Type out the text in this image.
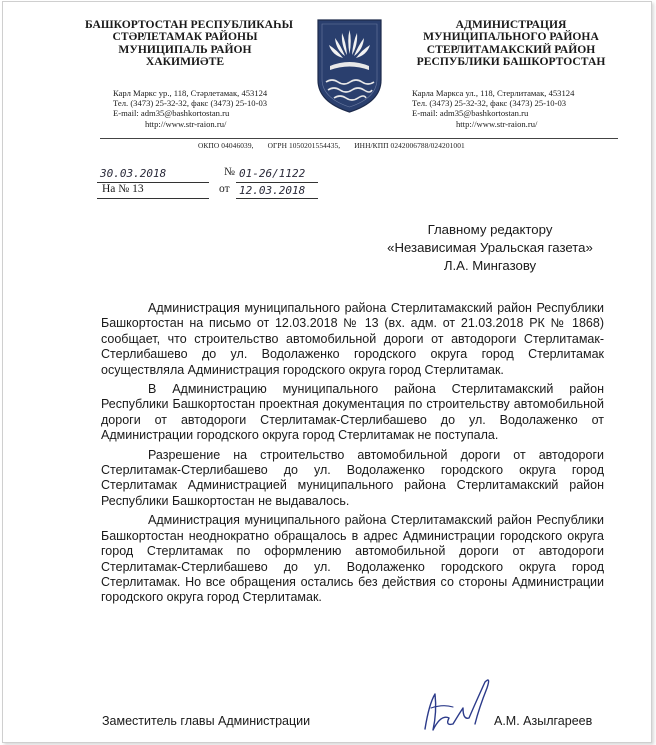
БАШКОРТОСТАН РЕСПУБЛИКАҺЫ
СТӘРЛЕТАМАК РАЙОНЫ
МУНИЦИПАЛЬ РАЙОН
ХАКИМИӘТЕ
АДМИНИСТРАЦИЯ
МУНИЦИПАЛЬНОГО РАЙОНА
СТЕРЛИТАМАКСКИЙ РАЙОН
РЕСПУБЛИКИ БАШКОРТОСТАН
Карл Маркс ур., 118, Стәрлетамак, 453124
Тел. (3473) 25-32-32, факс (3473) 25-10-03
E-mail: adm35@bashkortostan.ru
http://www.str-raion.ru/
Карла Маркса ул., 118, Стерлитамак, 453124
Тел. (3473) 25-32-32, факс (3473) 25-10-03
E-mail: adm35@bashkortostan.ru
http://www.str-raion.ru/
ОКПО 04046039, ОГРН 1050201554435, ИНН/КПП 0242006788/024201001
30.03.2018	№ 01-26/1122
На № 13	от 12.03.2018
Главному редактору
«Независимая Уральская газета»
Л.А. Мингазову

Администрация муниципального района Стерлитамакский район Республики Башкортостан на письмо от 12.03.2018 № 13 (вх. адм. от 21.03.2018 РК № 1868) сообщает, что строительство автомобильной дороги от автодороги Стерлитамак-Стерлибашево до ул. Водолаженко городского округа город Стерлитамак осуществляла Администрация городского округа город Стерлитамак.

В Администрацию муниципального района Стерлитамакский район Республики Башкортостан проектная документация по строительству автомобильной дороги от автодороги Стерлитамак-Стерлибашево до ул. Водолаженко от Администрации городского округа город Стерлитамак не поступала.

Разрешение на строительство автомобильной дороги от автодороги Стерлитамак-Стерлибашево до ул. Водолаженко городского округа город Стерлитамак Администрацией муниципального района Стерлитамакский район Республики Башкортостан не выдавалось.

Администрация муниципального района Стерлитамакский район Республики Башкортостан неоднократно обращалось в адрес Администрации городского округа город Стерлитамак по оформлению автомобильной дороги от автодороги Стерлитамак-Стерлибашево до ул. Водолаженко городского округа город Стерлитамак. Но все обращения остались без действия со стороны Администрации городского округа город Стерлитамак.

Заместитель главы Администрации	А.М. Азылгареев
